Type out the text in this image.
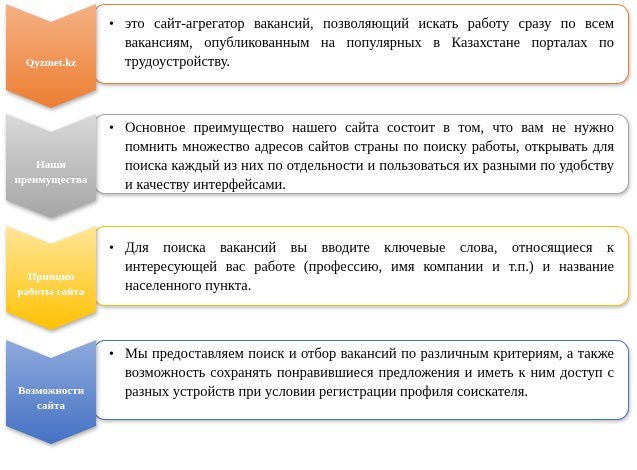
• это сайт-агрегатор вакансий, позволяющий искать работу сразу по всем вакансиям, опубликованным на популярных в Казахстане порталах по трудоустройству.
Qyzmet.kz
• Основное преимущество нашего сайта состоит в том, что вам не нужно помнить множество адресов сайтов страны по поиску работы, открывать для поиска каждый из них по отдельности и пользоваться их разными по удобству и качеству интерфейсами.
Наши преимущества
• Для поиска вакансий вы вводите ключевые слова, относящиеся к интересующей вас работе (профессию, имя компании и т.п.) и название населенного пункта.
Принцип работы сайта
• Мы предоставляем поиск и отбор вакансий по различным критериям, а также возможность сохранять понравившиеся предложения и иметь к ним доступ с разных устройств при условии регистрации профиля соискателя.
Возможности сайта
